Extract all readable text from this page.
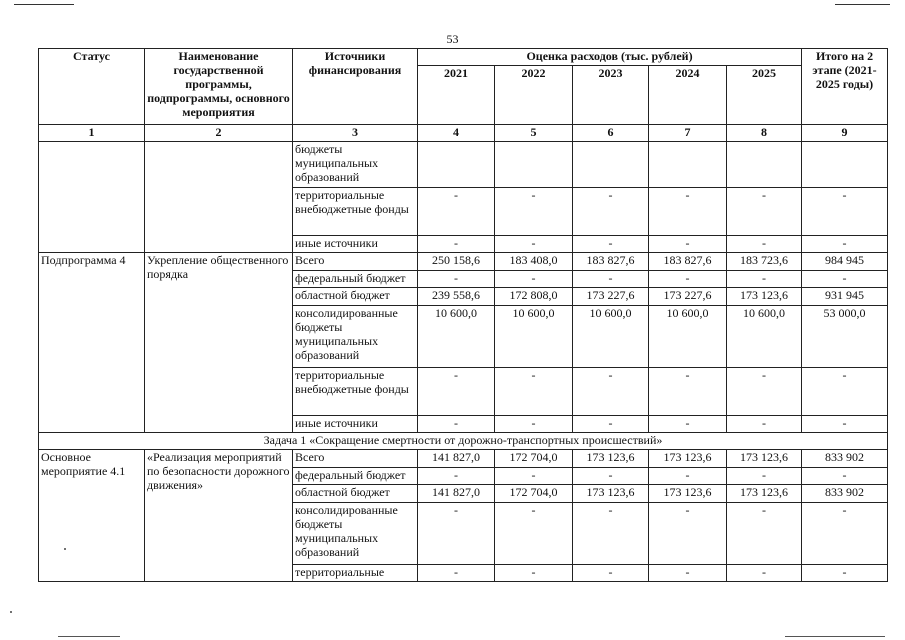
53
Статус	Наименование государственной программы, подпрограммы, основного мероприятия	Источники финансирования	Оценка расходов (тыс. рублей)					Итого на 2 этапе (2021-2025 годы)
			2021	2022	2023	2024	2025	
1	2	3	4	5	6	7	8	9
		бюджеты муниципальных образований						
		территориальные внебюджетные фонды	-	-	-	-	-	-
		иные источники	-	-	-	-	-	-
Подпрограмма 4	Укрепление общественного порядка	Всего	250 158,6	183 408,0	183 827,6	183 827,6	183 723,6	984 945
		федеральный бюджет	-	-	-	-	-	-
		областной бюджет	239 558,6	172 808,0	173 227,6	173 227,6	173 123,6	931 945
		консолидированные бюджеты муниципальных образований	10 600,0	10 600,0	10 600,0	10 600,0	10 600,0	53 000,0
		территориальные внебюджетные фонды	-	-	-	-	-	-
		иные источники	-	-	-	-	-	-
Задача 1 «Сокращение смертности от дорожно-транспортных происшествий»								
Основное мероприятие 4.1	«Реализация мероприятий по безопасности дорожного движения»	Всего	141 827,0	172 704,0	173 123,6	173 123,6	173 123,6	833 902
		федеральный бюджет	-	-	-	-	-	-
		областной бюджет	141 827,0	172 704,0	173 123,6	173 123,6	173 123,6	833 902
		консолидированные бюджеты муниципальных образований	-	-	-	-	-	-
		территориальные	-	-	-	-	-	-
